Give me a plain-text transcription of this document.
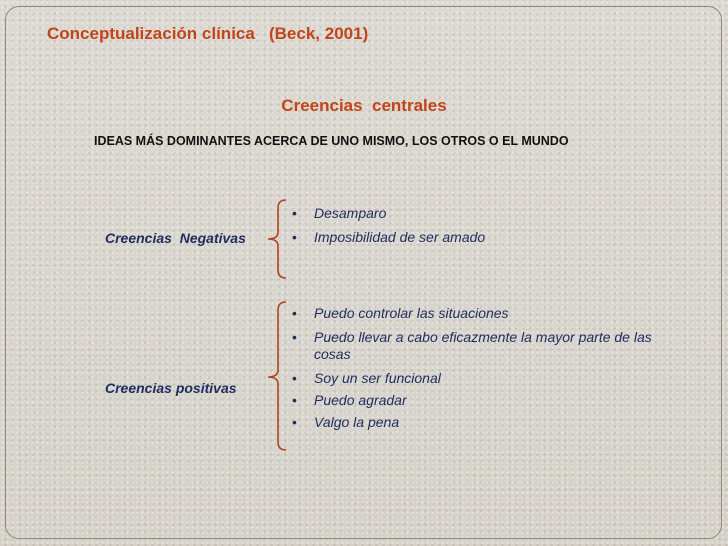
Conceptualización clínica   (Beck, 2001)
Creencias  centrales
IDEAS MÁS DOMINANTES ACERCA DE UNO MISMO, LOS OTROS O EL MUNDO
Creencias  Negativas
• Desamparo
• Imposibilidad de ser amado
Creencias positivas
• Puedo controlar las situaciones
• Puedo llevar a cabo eficazmente la mayor parte de las cosas
• Soy un ser funcional
• Puedo agradar
• Valgo la pena
